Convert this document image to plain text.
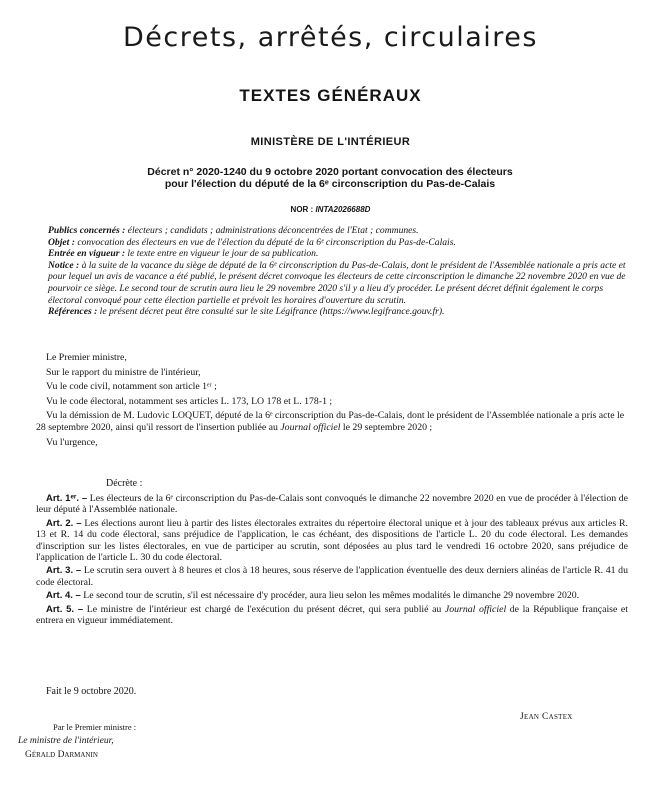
Décrets, arrêtés, circulaires
TEXTES GÉNÉRAUX
MINISTÈRE DE L'INTÉRIEUR
Décret n° 2020-1240 du 9 octobre 2020 portant convocation des électeurs
pour l'élection du député de la 6ᵉ circonscription du Pas-de-Calais
NOR : INTA2026688D

Publics concernés : électeurs ; candidats ; administrations déconcentrées de l'Etat ; communes.

Objet : convocation des électeurs en vue de l'élection du député de la 6ᵉ circonscription du Pas-de-Calais.

Entrée en vigueur : le texte entre en vigueur le jour de sa publication.

Notice : à la suite de la vacance du siège de député de la 6ᵉ circonscription du Pas-de-Calais, dont le président de l'Assemblée nationale a pris acte et pour lequel un avis de vacance a été publié, le présent décret convoque les électeurs de cette circonscription le dimanche 22 novembre 2020 en vue de pourvoir ce siège. Le second tour de scrutin aura lieu le 29 novembre 2020 s'il y a lieu d'y procéder. Le présent décret définit également le corps électoral convoqué pour cette élection partielle et prévoit les horaires d'ouverture du scrutin.

Références : le présent décret peut être consulté sur le site Légifrance (https://www.legifrance.gouv.fr).

Le Premier ministre,

Sur le rapport du ministre de l'intérieur,

Vu le code civil, notamment son article 1ᵉʳ ;

Vu le code électoral, notamment ses articles L. 173, LO 178 et L. 178-1 ;

Vu la démission de M. Ludovic LOQUET, député de la 6ᵉ circonscription du Pas-de-Calais, dont le président de l'Assemblée nationale a pris acte le 28 septembre 2020, ainsi qu'il ressort de l'insertion publiée au Journal officiel le 29 septembre 2020 ;

Vu l'urgence,

Décrète :

Art. 1ᵉʳ. – Les électeurs de la 6ᵉ circonscription du Pas-de-Calais sont convoqués le dimanche 22 novembre 2020 en vue de procéder à l'élection de leur député à l'Assemblée nationale.

Art. 2. – Les élections auront lieu à partir des listes électorales extraites du répertoire électoral unique et à jour des tableaux prévus aux articles R. 13 et R. 14 du code électoral, sans préjudice de l'application, le cas échéant, des dispositions de l'article L. 20 du code électoral. Les demandes d'inscription sur les listes électorales, en vue de participer au scrutin, sont déposées au plus tard le vendredi 16 octobre 2020, sans préjudice de l'application de l'article L. 30 du code électoral.

Art. 3. – Le scrutin sera ouvert à 8 heures et clos à 18 heures, sous réserve de l'application éventuelle des deux derniers alinéas de l'article R. 41 du code électoral.

Art. 4. – Le second tour de scrutin, s'il est nécessaire d'y procéder, aura lieu selon les mêmes modalités le dimanche 29 novembre 2020.

Art. 5. – Le ministre de l'intérieur est chargé de l'exécution du présent décret, qui sera publié au Journal officiel de la République française et entrera en vigueur immédiatement.

Fait le 9 octobre 2020.
Jean Castex
Par le Premier ministre :
Le ministre de l'intérieur,
Gérald Darmanin
